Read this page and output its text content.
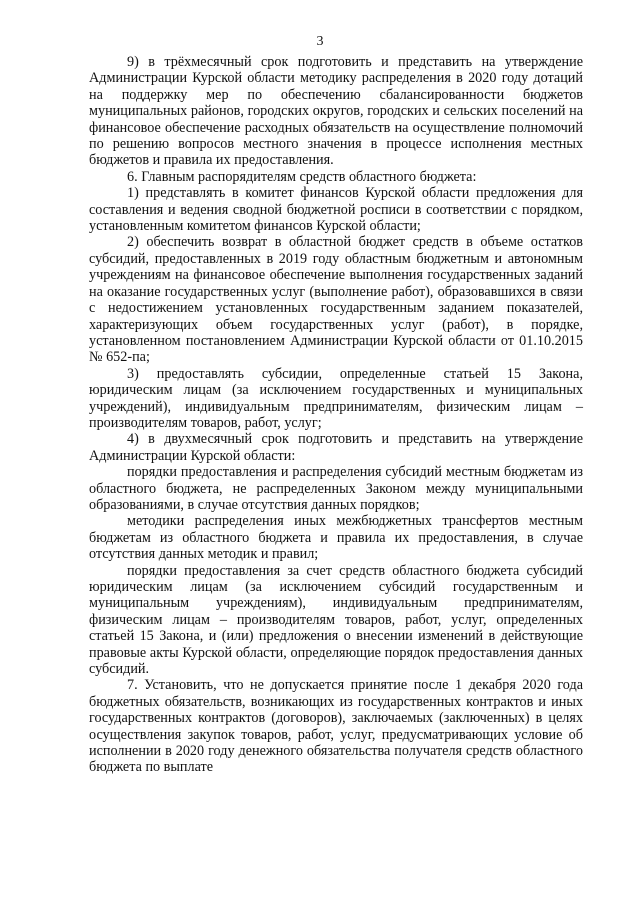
3

9) в трёхмесячный срок подготовить и представить на утверждение Администрации Курской области методику распределения в 2020 году дотаций на поддержку мер по обеспечению сбалансированности бюджетов муниципальных районов, городских округов, городских и сельских поселений на финансовое обеспечение расходных обязательств на осуществление полномочий по решению вопросов местного значения в процессе исполнения местных бюджетов и правила их предоставления.

6. Главным распорядителям средств областного бюджета:

1) представлять в комитет финансов Курской области предложения для составления и ведения сводной бюджетной росписи в соответствии с порядком, установленным комитетом финансов Курской области;

2) обеспечить возврат в областной бюджет средств в объеме остатков субсидий, предоставленных в 2019 году областным бюджетным и автономным учреждениям на финансовое обеспечение выполнения государственных заданий на оказание государственных услуг (выполнение работ), образовавшихся в связи с недостижением установленных государственным заданием показателей, характеризующих объем государственных услуг (работ), в порядке, установленном постановлением Администрации Курской области от 01.10.2015 № 652-па;

3) предоставлять субсидии, определенные статьей 15 Закона, юридическим лицам (за исключением государственных и муниципальных учреждений), индивидуальным предпринимателям, физическим лицам – производителям товаров, работ, услуг;

4) в двухмесячный срок подготовить и представить на утверждение Администрации Курской области:

порядки предоставления и распределения субсидий местным бюджетам из областного бюджета, не распределенных Законом между муниципальными образованиями, в случае отсутствия данных порядков;

методики распределения иных межбюджетных трансфертов местным бюджетам из областного бюджета и правила их предоставления, в случае отсутствия данных методик и правил;

порядки предоставления за счет средств областного бюджета субсидий юридическим лицам (за исключением субсидий государственным и муниципальным учреждениям), индивидуальным предпринимателям, физическим лицам – производителям товаров, работ, услуг, определенных статьей 15 Закона, и (или) предложения о внесении изменений в действующие правовые акты Курской области, определяющие порядок предоставления данных субсидий.

7. Установить, что не допускается принятие после 1 декабря 2020 года бюджетных обязательств, возникающих из государственных контрактов и иных государственных контрактов (договоров), заключаемых (заключенных) в целях осуществления закупок товаров, работ, услуг, предусматривающих условие об исполнении в 2020 году денежного обязательства получателя средств областного бюджета по выплате
